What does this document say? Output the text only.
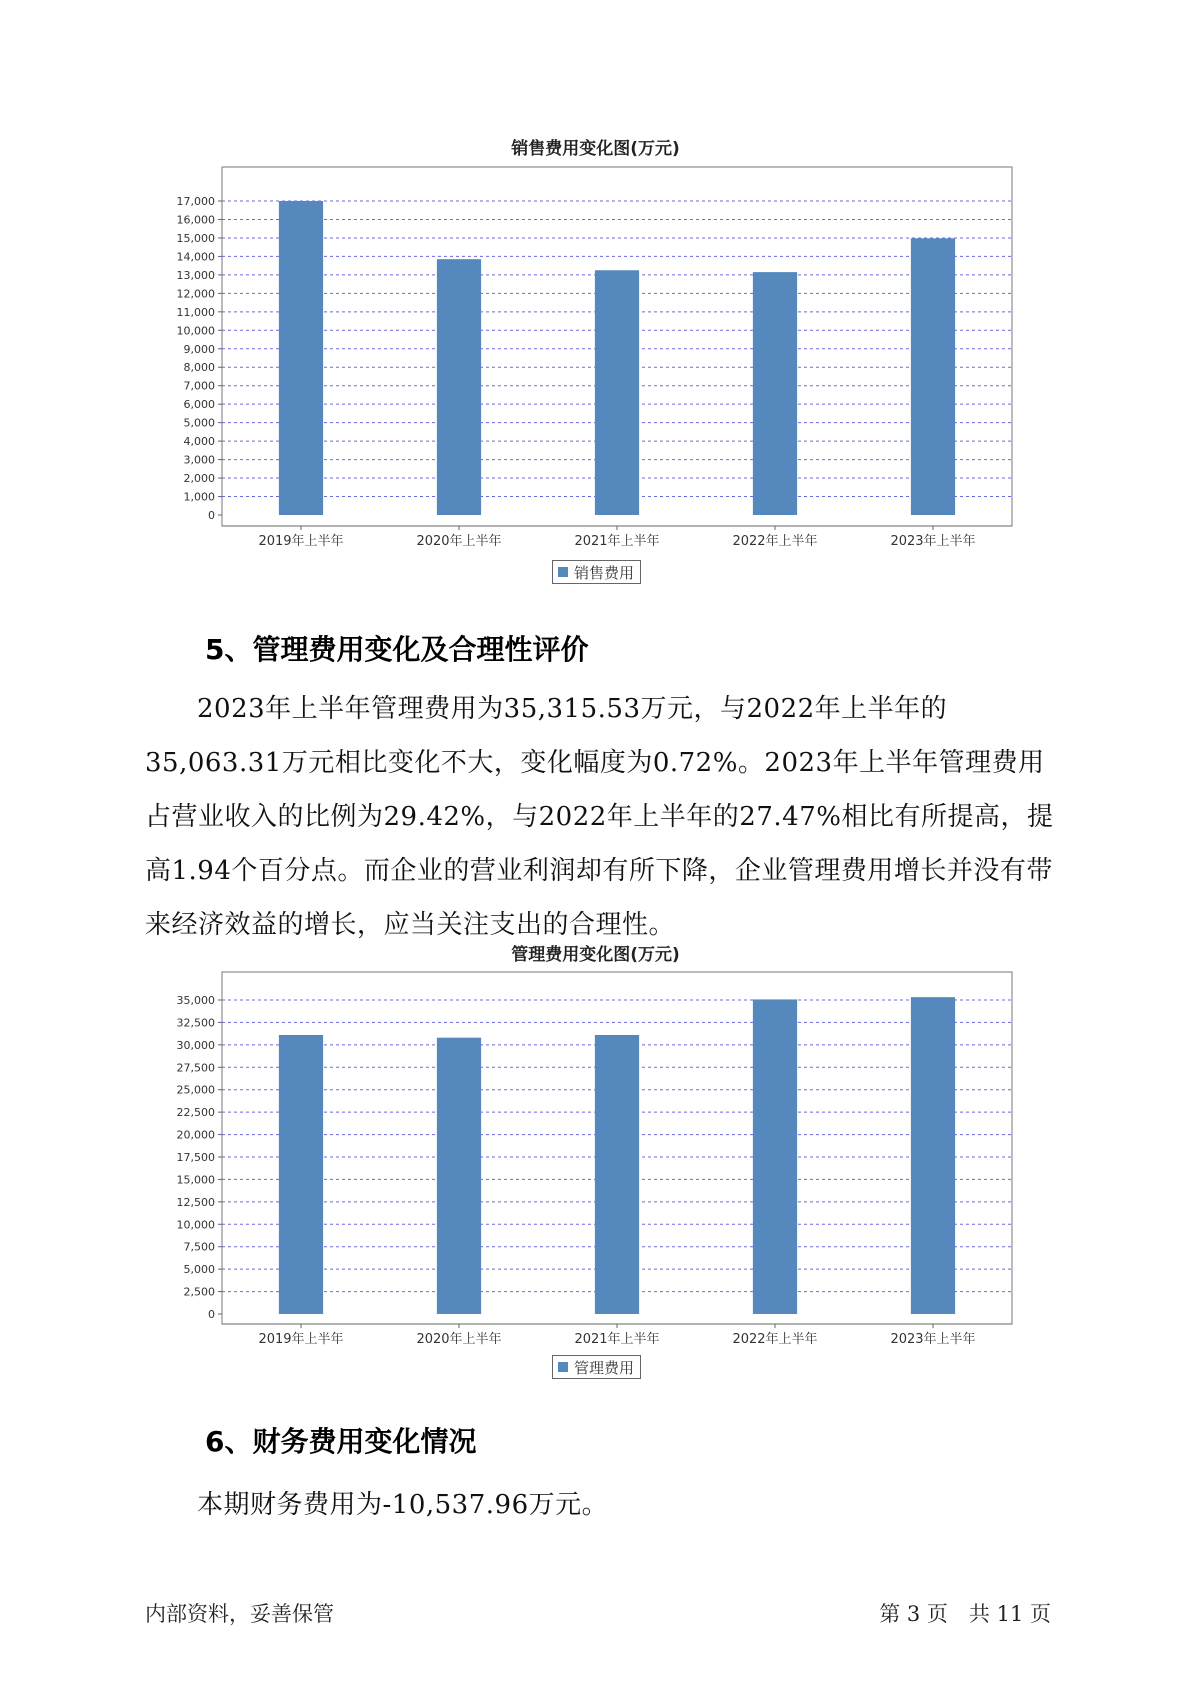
销售费用变化图(万元)
0
1,000
2,000
3,000
4,000
5,000
6,000
7,000
8,000
9,000
10,000
11,000
12,000
13,000
14,000
15,000
16,000
17,000
2019年上半年	2020年上半年	2021年上半年	2022年上半年	2023年上半年
销售费用
5、管理费用变化及合理性评价

2023年上半年管理费用为35,315.53万元，与2022年上半年的35,063.31万元相比变化不大，变化幅度为0.72%。2023年上半年管理费用占营业收入的比例为29.42%，与2022年上半年的27.47%相比有所提高，提高1.94个百分点。而企业的营业利润却有所下降，企业管理费用增长并没有带来经济效益的增长，应当关注支出的合理性。

管理费用变化图(万元)
0
2,500
5,000
7,500
10,000
12,500
15,000
17,500
20,000
22,500
25,000
27,500
30,000
32,500
35,000
2019年上半年	2020年上半年	2021年上半年	2022年上半年	2023年上半年
管理费用
6、财务费用变化情况

本期财务费用为-10,537.96万元。

内部资料，妥善保管	第 3 页　共 11 页
